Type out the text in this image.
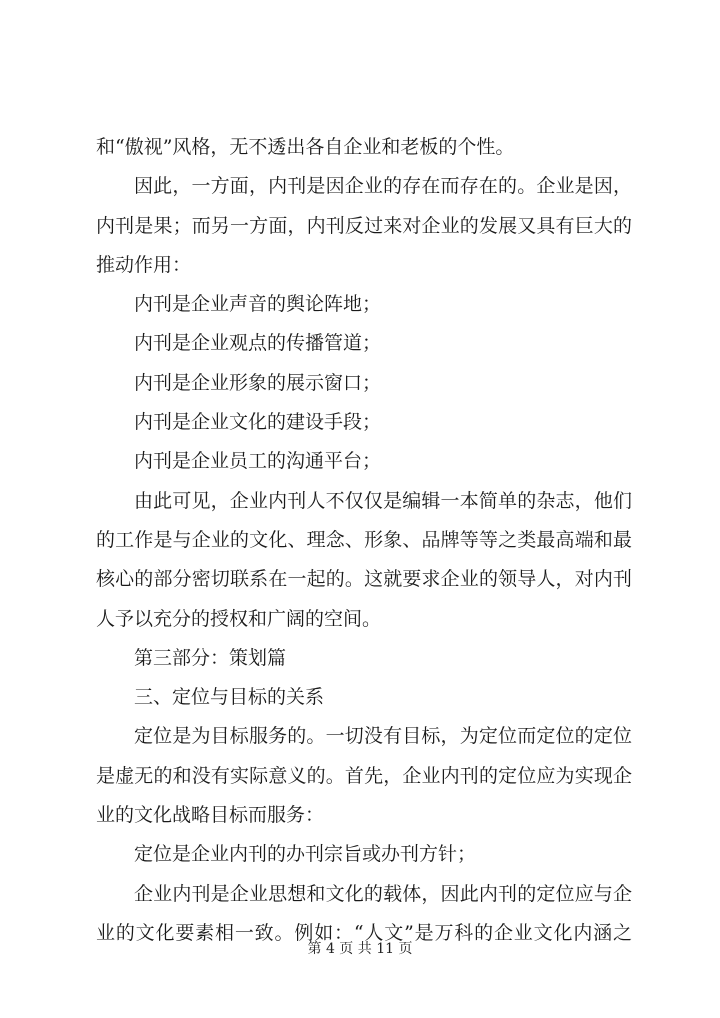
和“傲视”风格，无不透出各自企业和老板的个性。
因此，一方面，内刊是因企业的存在而存在的。企业是因，
内刊是果；而另一方面，内刊反过来对企业的发展又具有巨大的
推动作用：
内刊是企业声音的舆论阵地；
内刊是企业观点的传播管道；
内刊是企业形象的展示窗口；
内刊是企业文化的建设手段；
内刊是企业员工的沟通平台；
由此可见，企业内刊人不仅仅是编辑一本简单的杂志，他们
的工作是与企业的文化、理念、形象、品牌等等之类最高端和最
核心的部分密切联系在一起的。这就要求企业的领导人，对内刊
人予以充分的授权和广阔的空间。
第三部分：策划篇
三、定位与目标的关系
定位是为目标服务的。一切没有目标，为定位而定位的定位
是虚无的和没有实际意义的。首先，企业内刊的定位应为实现企
业的文化战略目标而服务：
定位是企业内刊的办刊宗旨或办刊方针；
企业内刊是企业思想和文化的载体，因此内刊的定位应与企
业的文化要素相一致。例如：“人文”是万科的企业文化内涵之
第 4 页 共 11 页
